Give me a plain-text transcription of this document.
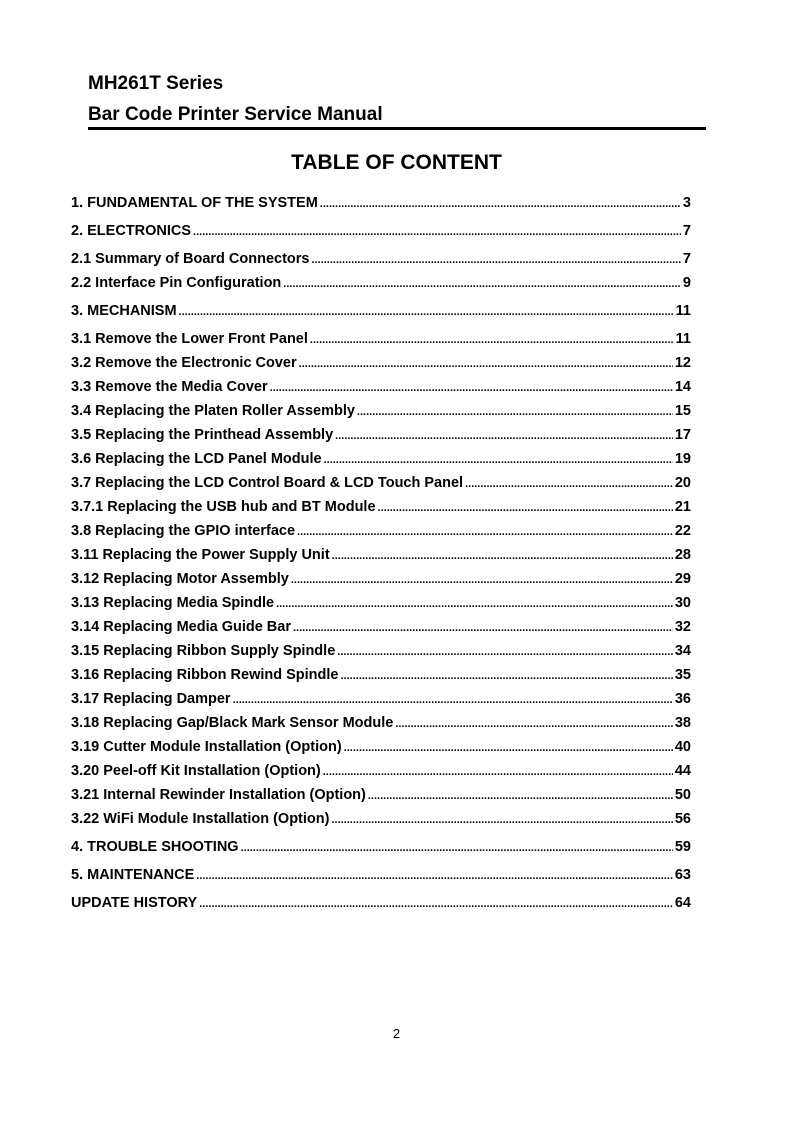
MH261T Series
Bar Code Printer Service Manual
TABLE OF CONTENT
1. FUNDAMENTAL OF THE SYSTEM .....	3
2. ELECTRONICS .....	7
2.1 Summary of Board Connectors .....	7
2.2 Interface Pin Configuration .....	9
3. MECHANISM .....	11
3.1 Remove the Lower Front Panel .....	11
3.2 Remove the Electronic Cover .....	12
3.3 Remove the Media Cover .....	14
3.4 Replacing the Platen Roller Assembly .....	15
3.5 Replacing the Printhead Assembly .....	17
3.6 Replacing the LCD Panel Module .....	19
3.7 Replacing the LCD Control Board & LCD Touch Panel .....	20
3.7.1 Replacing the USB hub and BT Module .....	21
3.8 Replacing the GPIO interface .....	22
3.11 Replacing the Power Supply Unit .....	28
3.12 Replacing Motor Assembly .....	29
3.13 Replacing Media Spindle .....	30
3.14 Replacing Media Guide Bar .....	32
3.15 Replacing Ribbon Supply Spindle .....	34
3.16 Replacing Ribbon Rewind Spindle .....	35
3.17 Replacing Damper .....	36
3.18 Replacing Gap/Black Mark Sensor Module .....	38
3.19 Cutter Module Installation (Option) .....	40
3.20 Peel-off Kit Installation (Option) .....	44
3.21 Internal Rewinder Installation (Option) .....	50
3.22 WiFi Module Installation (Option) .....	56
4. TROUBLE SHOOTING .....	59
5. MAINTENANCE .....	63
UPDATE HISTORY .....	64
2
